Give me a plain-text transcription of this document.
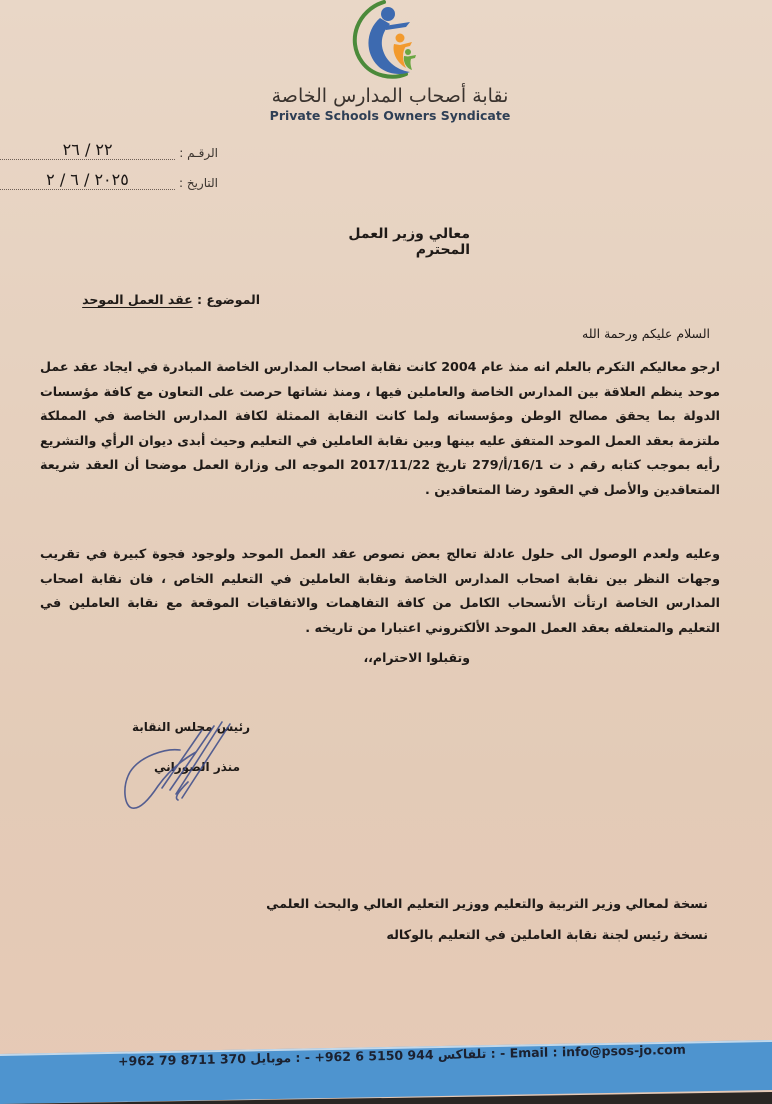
نقابة أصحاب المدارس الخاصة
Private Schools Owners Syndicate
الرقـم :
٢٢ / ٢٦
التاريخ :
٢٠٢٥ / ٦ / ٢
معالي وزير العمل المحترم
الموضوع : عقد العمل الموحد
السلام عليكم ورحمة الله
ارجو معاليكم التكرم بالعلم انه منذ عام 2004 كانت نقابة اصحاب المدارس الخاصة المبادرة في ايجاد عقد عمل موحد ينظم العلاقة بين المدارس الخاصة والعاملين فيها ، ومنذ نشاتها حرصت على التعاون مع كافة مؤسسات الدولة بما يحقق مصالح الوطن ومؤسساته ولما كانت النقابة الممثلة لكافة المدارس الخاصة في المملكة ملتزمة بعقد العمل الموحد المتفق عليه بينها وبين نقابة العاملين في التعليم وحيث أبدى ديوان الرأي والتشريع رأيه بموجب كتابه رقم د ت 16/1/أ/279 تاريخ 2017/11/22 الموجه الى وزارة العمل موضحا أن العقد شريعة المتعاقدين والأصل في العقود رضا المتعاقدين .
وعليه ولعدم الوصول الى حلول عادلة تعالج بعض نصوص عقد العمل الموحد ولوجود فجوة كبيرة في تقريب وجهات النظر بين نقابة اصحاب المدارس الخاصة ونقابة العاملين في التعليم الخاص ، فان نقابة اصحاب المدارس الخاصة ارتأت الأنسحاب الكامل من كافة التفاهمات والاتفاقيات الموقعة مع نقابة العاملين في التعليم والمتعلقه بعقد العمل الموحد الألكتروني اعتبارا من تاريخه .
وتقبلوا الاحترام،،
رئيس مجلس النقابة
منذر الصوراني
نسخة لمعالي وزير التربية والتعليم ووزير التعليم العالي والبحث العلمي
نسخة رئيس لجنة نقابة العاملين في التعليم بالوكاله
+962 79 8711 370 : موبايل - +962 6 5150 944 : تلفاكس - Email : info@psos-jo.com
